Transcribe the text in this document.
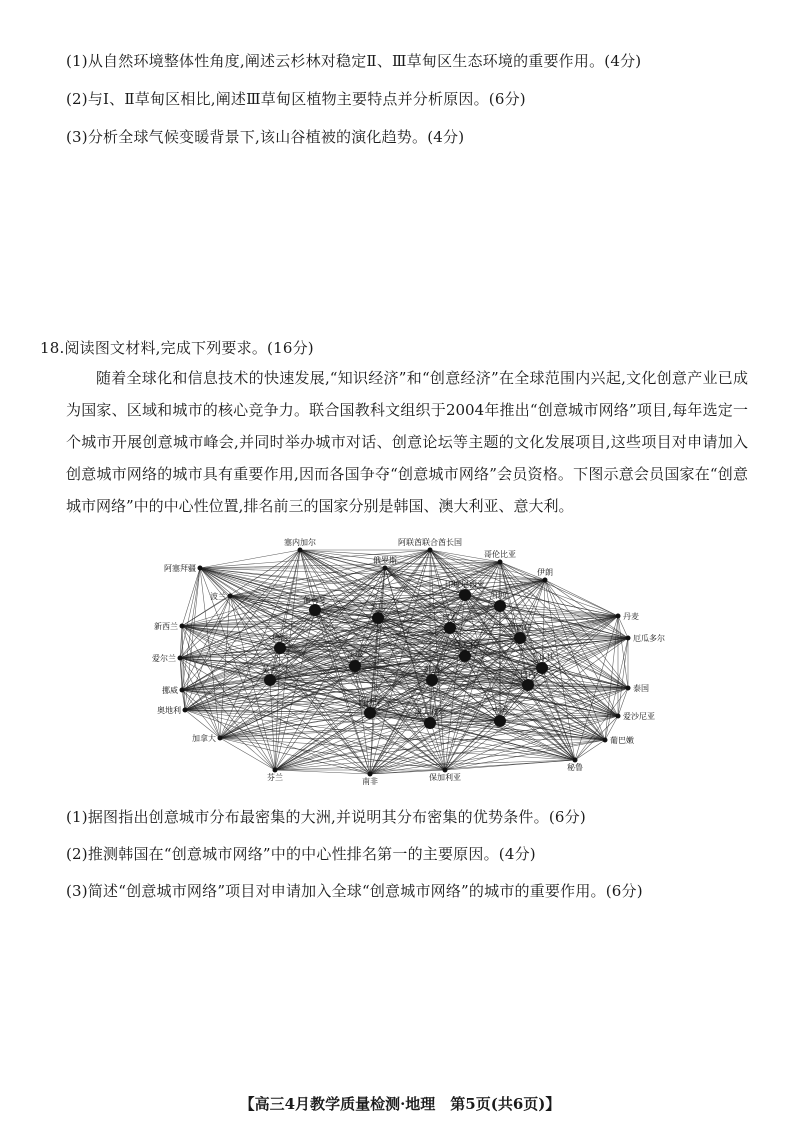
(1)从自然环境整体性角度,阐述云杉林对稳定Ⅱ、Ⅲ草甸区生态环境的重要作用。(4分)
(2)与Ⅰ、Ⅱ草甸区相比,阐述Ⅲ草甸区植物主要特点并分析原因。(6分)
(3)分析全球气候变暖背景下,该山谷植被的演化趋势。(4分)
18.阅读图文材料,完成下列要求。(16分)
随着全球化和信息技术的快速发展,“知识经济”和“创意经济”在全球范围内兴起,文化创意产业已成为国家、区域和城市的核心竞争力。联合国教科文组织于2004年推出“创意城市网络”项目,每年选定一个城市开展创意城市峰会,并同时举办城市对话、创意论坛等主题的文化发展项目,这些项目对申请加入创意城市网络的城市具有重要作用,因而各国争夺“创意城市网络”会员资格。下图示意会员国家在“创意城市网络”中的中心性位置,排名前三的国家分别是韩国、澳大利亚、意大利。
阿联酋联合酋长国
哥伦比亚
伊朗
丹麦
厄瓜多尔
泰国
爱沙尼亚
葡巴嫩
秘鲁
保加利亚
南非
芬兰
加拿大
奥地利
挪威
爱尔兰
新西兰
波兰
阿塞拜疆
塞内加尔
俄罗斯
印度尼西亚
印度
日本
墨西哥
土耳其
巴西
意大利
韩国
法国
英国
德国
葡萄牙
美国
西班牙
澳大利亚	中国
(1)据图指出创意城市分布最密集的大洲,并说明其分布密集的优势条件。(6分)
(2)推测韩国在“创意城市网络”中的中心性排名第一的主要原因。(4分)
(3)简述“创意城市网络”项目对申请加入全球“创意城市网络”的城市的重要作用。(6分)
【高三4月教学质量检测·地理　第5页(共6页)】
